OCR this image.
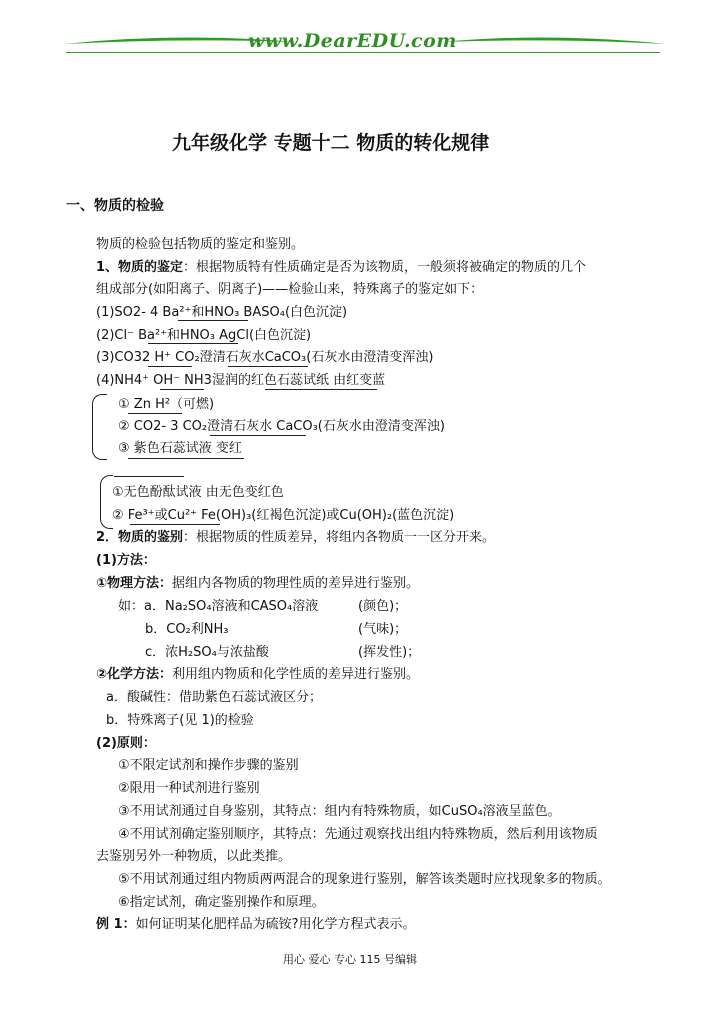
www.DearEDU.com
九年级化学 专题十二 物质的转化规律
一、物质的检验
物质的检验包括物质的鉴定和鉴别。
1、物质的鉴定：根据物质特有性质确定是否为该物质，一般须将被确定的物质的几个
组成部分(如阳离子、阴离子)——检验山来，特殊离子的鉴定如下：
(1)SO2- 4 Ba²⁺和HNO₃ BASO₄(白色沉淀)
(2)Cl⁻ Ba²⁺和HNO₃ AgCl(白色沉淀)
(3)CO32 H⁺ CO₂澄清石灰水CaCO₃(石灰水由澄清变浑浊)
(4)NH4⁺ OH⁻ NH3湿润的红色石蕊试纸 由红变蓝
① Zn H²（可燃)
② CO2- 3 CO₂澄清石灰水 CaCO₃(石灰水由澄清变浑浊)
③ 紫色石蕊试液 变红
①无色酚酞试液 由无色变红色
② Fe³⁺或Cu²⁺ Fe(OH)₃(红褐色沉淀)或Cu(OH)₂(蓝色沉淀)
2．物质的鉴别：根据物质的性质差异，将组内各物质一一区分开来。
(1)方法：
①物理方法：据组内各物质的物理性质的差异进行鉴别。
如：a．Na₂SO₄溶液和CASO₄溶液	(颜色)；
b．CO₂利NH₃	(气味)；
c．浓H₂SO₄与浓盐酸	(挥发性)；
②化学方法：利用组内物质和化学性质的差异进行鉴别。
a．酸碱性：借助紫色石蕊试液区分；
b．特殊离子(见 1)的检验
(2)原则：
①不限定试剂和操作步骤的鉴别
②限用一种试剂进行鉴别
③不用试剂通过自身鉴别，其特点：组内有特殊物质，如CuSO₄溶液呈蓝色。
④不用试剂确定鉴别顺序，其特点：先通过观察找出组内特殊物质，然后利用该物质
去鉴别另外一种物质，以此类推。
⑤不用试剂通过组内物质两两混合的现象进行鉴别，解答该类题时应找现象多的物质。
⑥指定试剂，确定鉴别操作和原理。
例 1：如何证明某化肥样品为硫铵?用化学方程式表示。
用心 爱心 专心 115 号编辑
